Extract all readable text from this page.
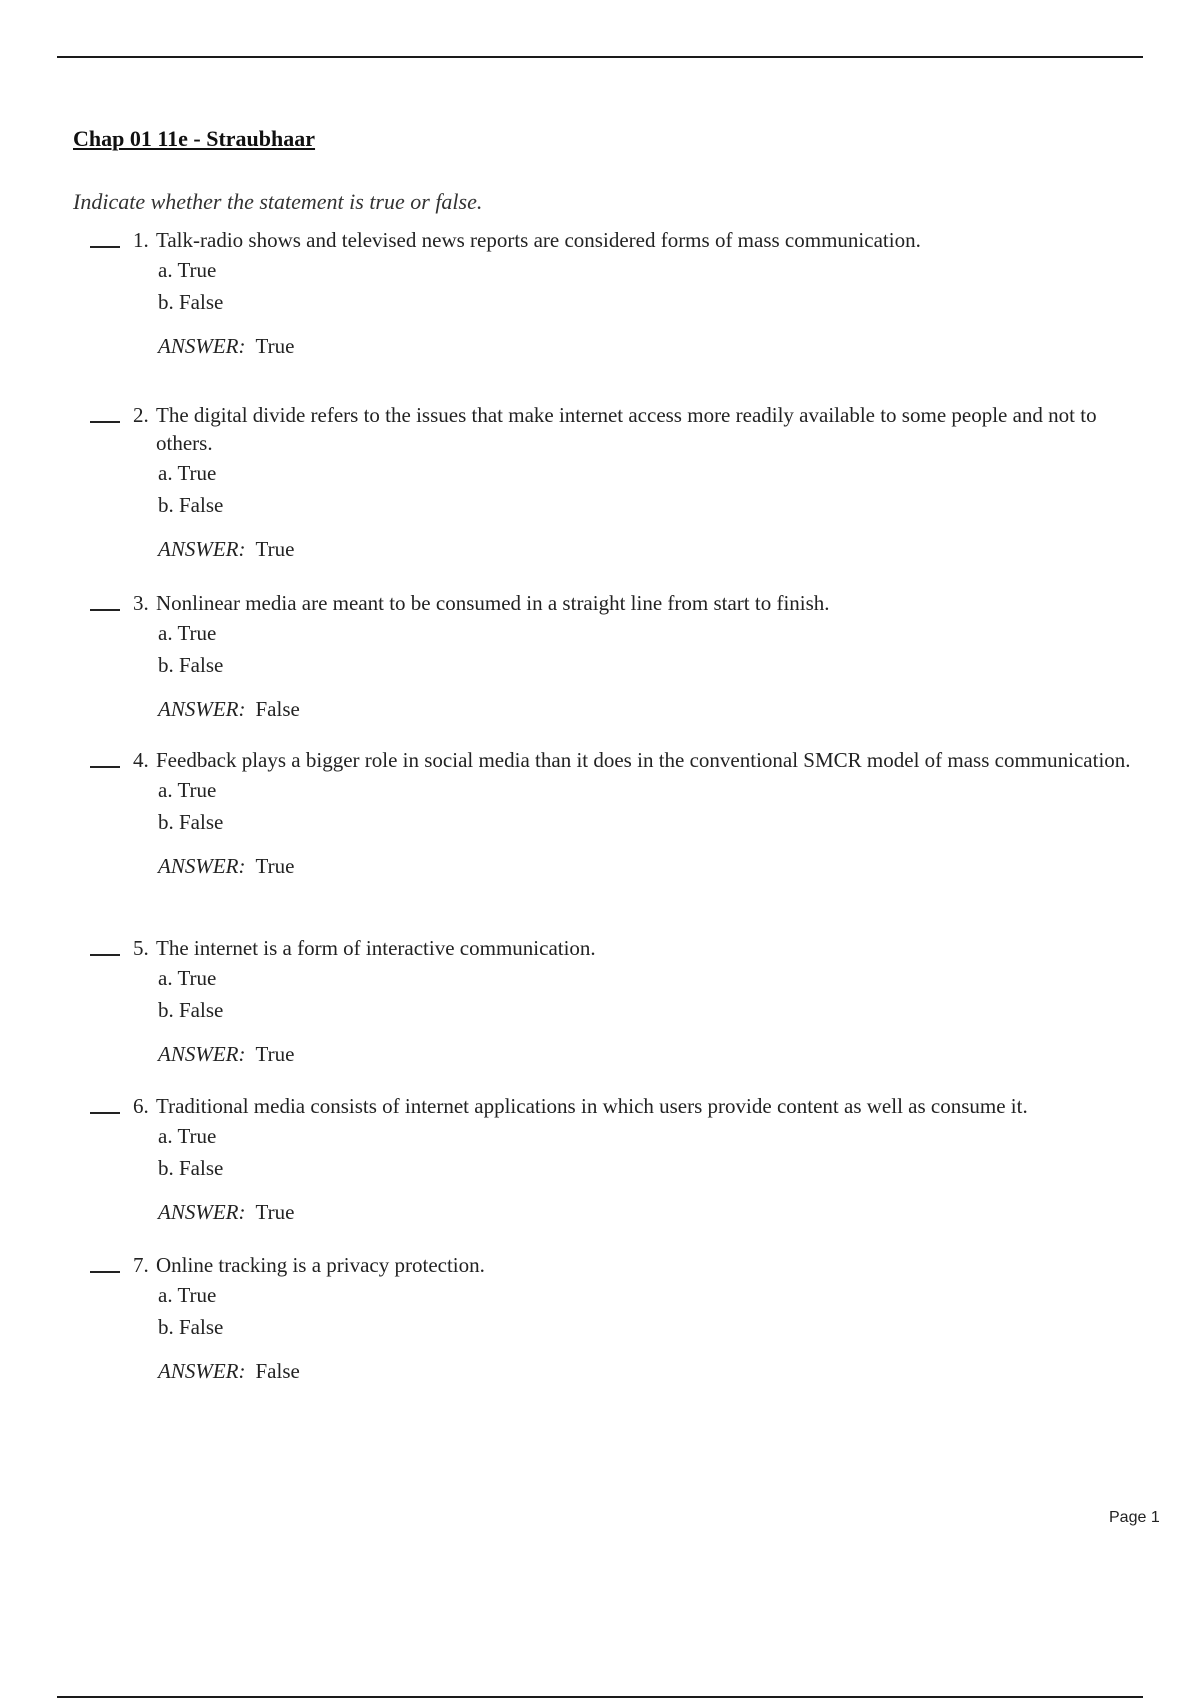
Chap 01 11e - Straubhaar
Indicate whether the statement is true or false.
1. Talk-radio shows and televised news reports are considered forms of mass communication.
a. True
b. False
ANSWER: True
2. The digital divide refers to the issues that make internet access more readily available to some people and not to others.
a. True
b. False
ANSWER: True
3. Nonlinear media are meant to be consumed in a straight line from start to finish.
a. True
b. False
ANSWER: False
4. Feedback plays a bigger role in social media than it does in the conventional SMCR model of mass communication.
a. True
b. False
ANSWER: True
5. The internet is a form of interactive communication.
a. True
b. False
ANSWER: True
6. Traditional media consists of internet applications in which users provide content as well as consume it.
a. True
b. False
ANSWER: True
7. Online tracking is a privacy protection.
a. True
b. False
ANSWER: False
Page 1
